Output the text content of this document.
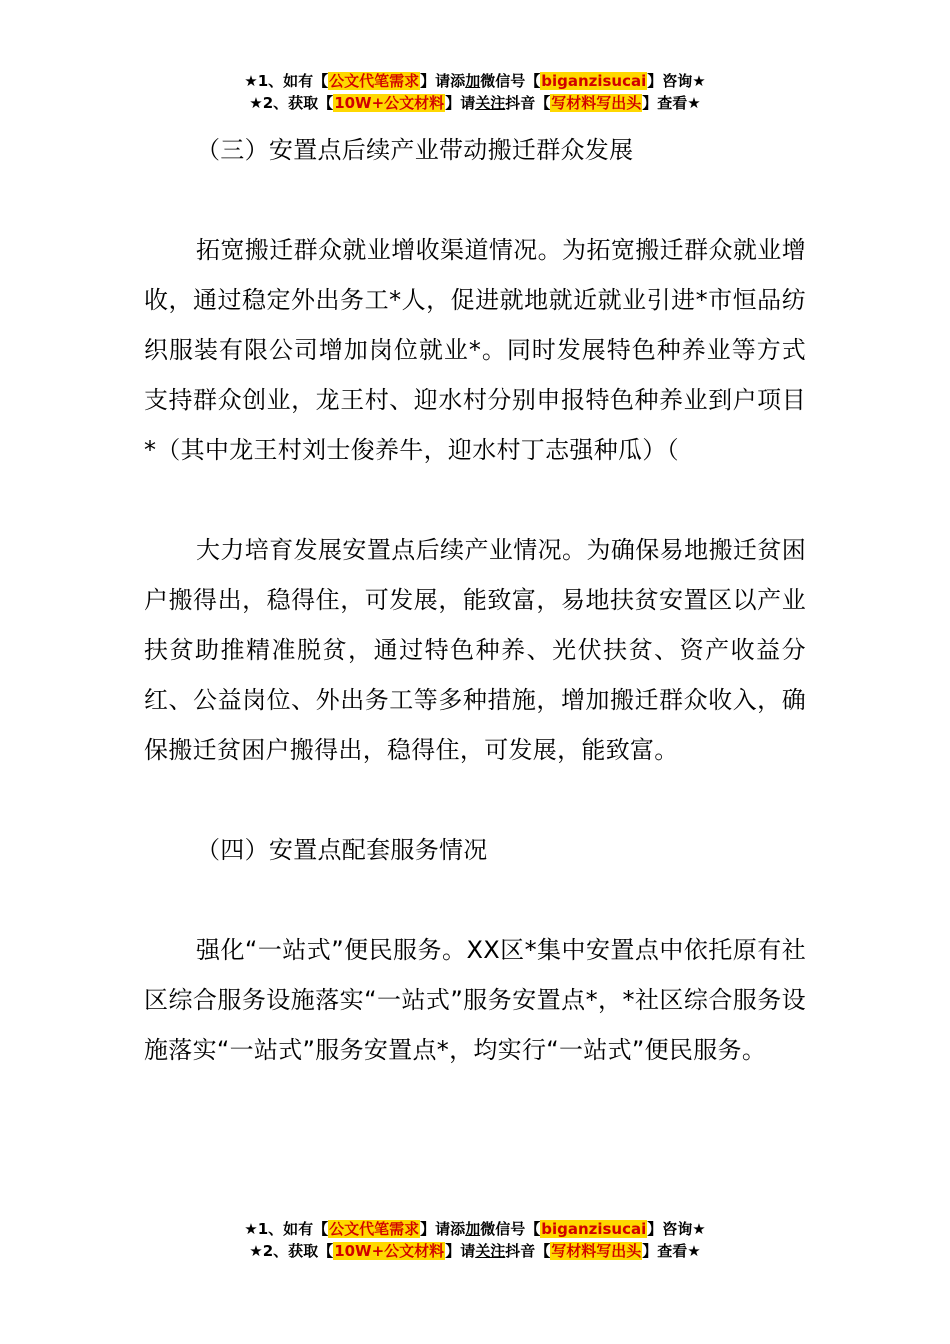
★1、如有【公文代笔需求】请添加微信号【biganzisucai】咨询★
★2、获取【10W+公文材料】请关注抖音【写材料写出头】查看★

（三）安置点后续产业带动搬迁群众发展

拓宽搬迁群众就业增收渠道情况。为拓宽搬迁群众就业增收，通过稳定外出务工*人，促进就地就近就业引进*市恒品纺织服装有限公司增加岗位就业*。同时发展特色种养业等方式支持群众创业，龙王村、迎水村分别申报特色种养业到户项目*（其中龙王村刘士俊养牛，迎水村丁志强种瓜）（

大力培育发展安置点后续产业情况。为确保易地搬迁贫困户搬得出，稳得住，可发展，能致富，易地扶贫安置区以产业扶贫助推精准脱贫，通过特色种养、光伏扶贫、资产收益分红、公益岗位、外出务工等多种措施，增加搬迁群众收入，确保搬迁贫困户搬得出，稳得住，可发展，能致富。

（四）安置点配套服务情况

强化“一站式”便民服务。XX区*集中安置点中依托原有社区综合服务设施落实“一站式”服务安置点*，*社区综合服务设施落实“一站式”服务安置点*，均实行“一站式”便民服务。

★1、如有【公文代笔需求】请添加微信号【biganzisucai】咨询★
★2、获取【10W+公文材料】请关注抖音【写材料写出头】查看★
